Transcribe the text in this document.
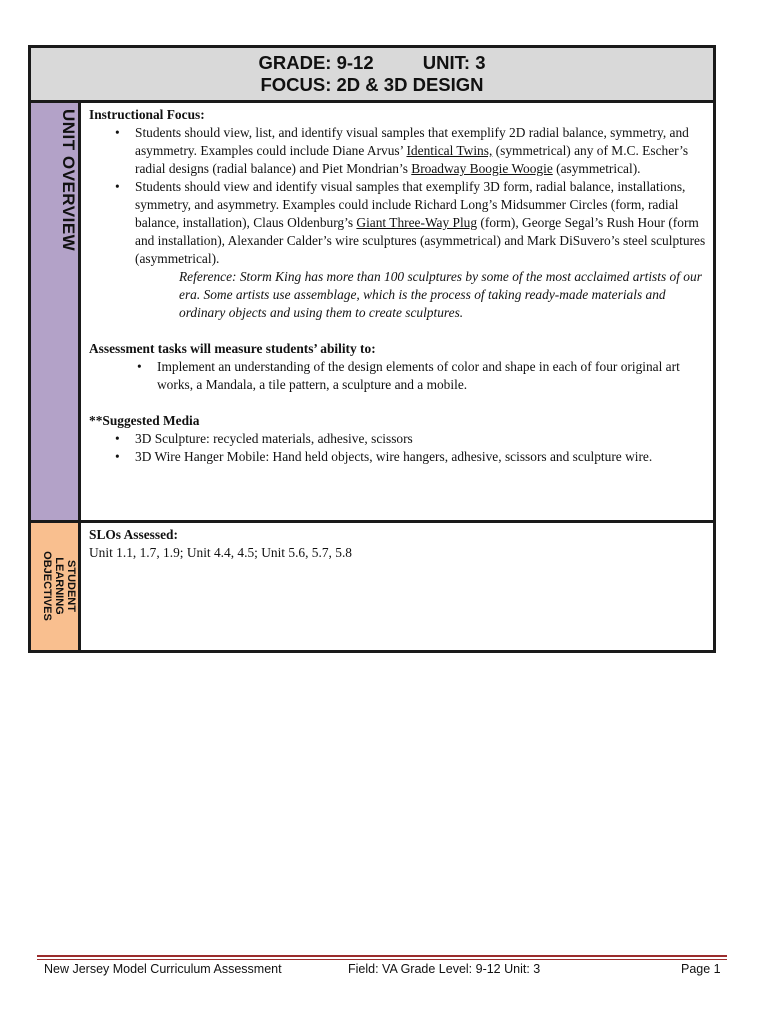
GRADE: 9-12	UNIT: 3
FOCUS: 2D & 3D DESIGN
UNIT OVERVIEW
STUDENT
LEARNING
OBJECTIVES

Instructional Focus:

• Students should view, list, and identify visual samples that exemplify 2D radial balance, symmetry, and asymmetry. Examples could include Diane Arvus’ Identical Twins, (symmetrical) any of M.C. Escher’s radial designs (radial balance) and Piet Mondrian’s Broadway Boogie Woogie (asymmetrical).
• Students should view and identify visual samples that exemplify 3D form, radial balance, installations, symmetry, and asymmetry. Examples could include Richard Long’s Midsummer Circles (form, radial balance, installation), Claus Oldenburg’s Giant Three-Way Plug (form), George Segal’s Rush Hour (form and installation), Alexander Calder’s wire sculptures (asymmetrical) and Mark DiSuvero’s steel sculptures (asymmetrical).

Reference: Storm King has more than 100 sculptures by some of the most acclaimed artists of our era. Some artists use assemblage, which is the process of taking ready-made materials and ordinary objects and using them to create sculptures.

Assessment tasks will measure students’ ability to:

• Implement an understanding of the design elements of color and shape in each of four original art works, a Mandala, a tile pattern, a sculpture and a mobile.

**Suggested Media

• 3D Sculpture: recycled materials, adhesive, scissors
• 3D Wire Hanger Mobile: Hand held objects, wire hangers, adhesive, scissors and sculpture wire.

SLOs Assessed:

Unit 1.1, 1.7, 1.9; Unit 4.4, 4.5; Unit 5.6, 5.7, 5.8

New Jersey Model Curriculum Assessment	Field: VA Grade Level: 9-12 Unit: 3	Page 1
